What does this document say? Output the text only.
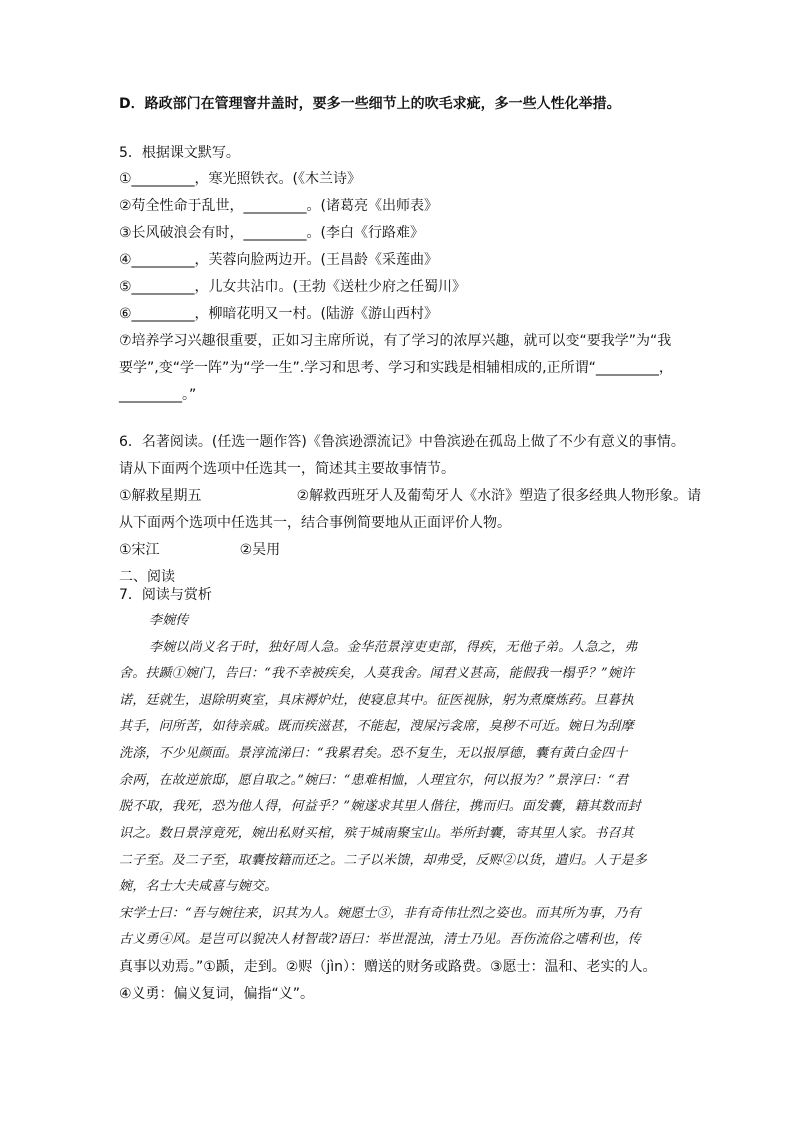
D．路政部门在管理窨井盖时，要多一些细节上的吹毛求疵，多一些人性化举措。
5．根据课文默写。
①_________，寒光照铁衣。(《木兰诗》
②苟全性命于乱世，_________。(诸葛亮《出师表》
③长风破浪会有时，_________。(李白《行路难》
④_________，芙蓉向脸两边开。(王昌龄《采莲曲》
⑤_________，儿女共沾巾。(王勃《送杜少府之任蜀川》
⑥_________，柳暗花明又一村。(陆游《游山西村》
⑦培养学习兴趣很重要，正如习主席所说，有了学习的浓厚兴趣，就可以变“要我学”为“我
要学”,变“学一阵”为“学一生”.学习和思考、学习和实践是相辅相成的,正所谓“_________，
_________。”
6．名著阅读。(任选一题作答)《鲁滨逊漂流记》中鲁滨逊在孤岛上做了不少有意义的事情。
请从下面两个选项中任选其一，简述其主要故事情节。
①解救星期五	②解救西班牙人及葡萄牙人《水浒》塑造了很多经典人物形象。请
从下面两个选项中任选其一，结合事例简要地从正面评价人物。
①宋江	②吴用
二、阅读
7．阅读与赏析
李婉传
李婉以尚义名于时，独好周人急。金华范景淳吏吏部，得疾，无他子弟。人急之，弗
舍。扶踬①婉门，告曰：“我不幸被疾矣，人莫我舍。闻君义甚高，能假我一榻乎？”婉许
诺，廷就生，退除明爽室，具床褥炉灶，使寝息其中。征医视脉，躬为煮糜炼药。旦暮执
其手，问所苦，如待亲戚。既而疾滋甚，不能起，溲屎污衾席，臭秽不可近。婉日为刮摩
洗涤，不少见颜面。景淳流涕曰：“我累君矣。恐不复生，无以报厚德，囊有黄白金四十
余两，在故逆旅邸，愿自取之。”婉曰：“患难相恤，人理宜尔，何以报为？”景淳曰：“君
脱不取，我死，恐为他人得，何益乎？”婉遂求其里人偕往，携而归。面发囊，籍其数而封
识之。数日景淳竟死，婉出私财买棺，殡于城南聚宝山。举所封囊，寄其里人家。书召其
二子至。及二子至，取囊按籍而还之。二子以米馈，却弗受，反赆②以货，遣归。人于是多
婉，名士大夫咸喜与婉交。
宋学士曰：“吾与婉往来，识其为人。婉愿士③，非有奇伟壮烈之姿也。而其所为事，乃有
古义勇④风。是岂可以貌决人材智哉?语曰：举世混浊，清士乃见。吾伤流俗之嗜利也，传
真事以劝焉。”①踬，走到。②赆（jìn）：赠送的财务或路费。③愿士：温和、老实的人。
④义勇：偏义复词，偏指“义”。
